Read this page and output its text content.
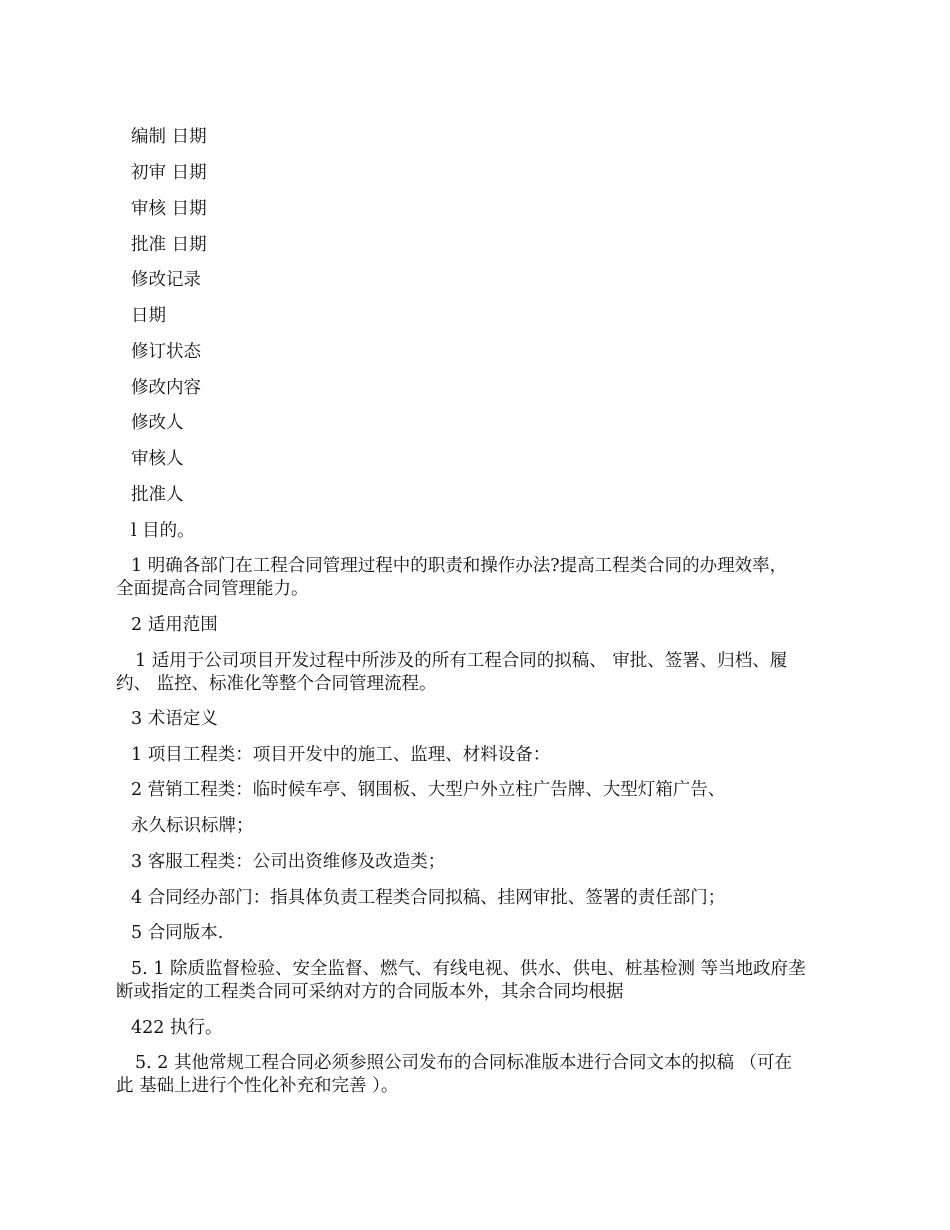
编制 日期
初审 日期
审核 日期
批准 日期
修改记录
日期
修订状态
修改内容
修改人
审核人
批准人
l 目的。
1 明确各部门在工程合同管理过程中的职责和操作办法?提高工程类合同的办理效率，
全面提高合同管理能力。
2 适用范围
1 适用于公司项目开发过程中所涉及的所有工程合同的拟稿、 审批、签署、归档、履
约、 监控、标准化等整个合同管理流程。
3 术语定义
1 项目工程类：项目开发中的施工、监理、材料设备：
2 营销工程类：临时候车亭、钢围板、大型户外立柱广告牌、大型灯箱广告、
永久标识标牌；
3 客服工程类：公司出资维修及改造类；
4 合同经办部门：指具体负责工程类合同拟稿、挂网审批、签署的责任部门；
5 合同版本.
5. 1 除质监督检验、安全监督、燃气、有线电视、供水、供电、桩基检测 等当地政府垄
断或指定的工程类合同可采纳对方的合同版本外，其余合同均根据
422 执行。
5. 2 其他常规工程合同必须参照公司发布的合同标准版本进行合同文本的拟稿 （可在
此 基础上进行个性化补充和完善 ）。
